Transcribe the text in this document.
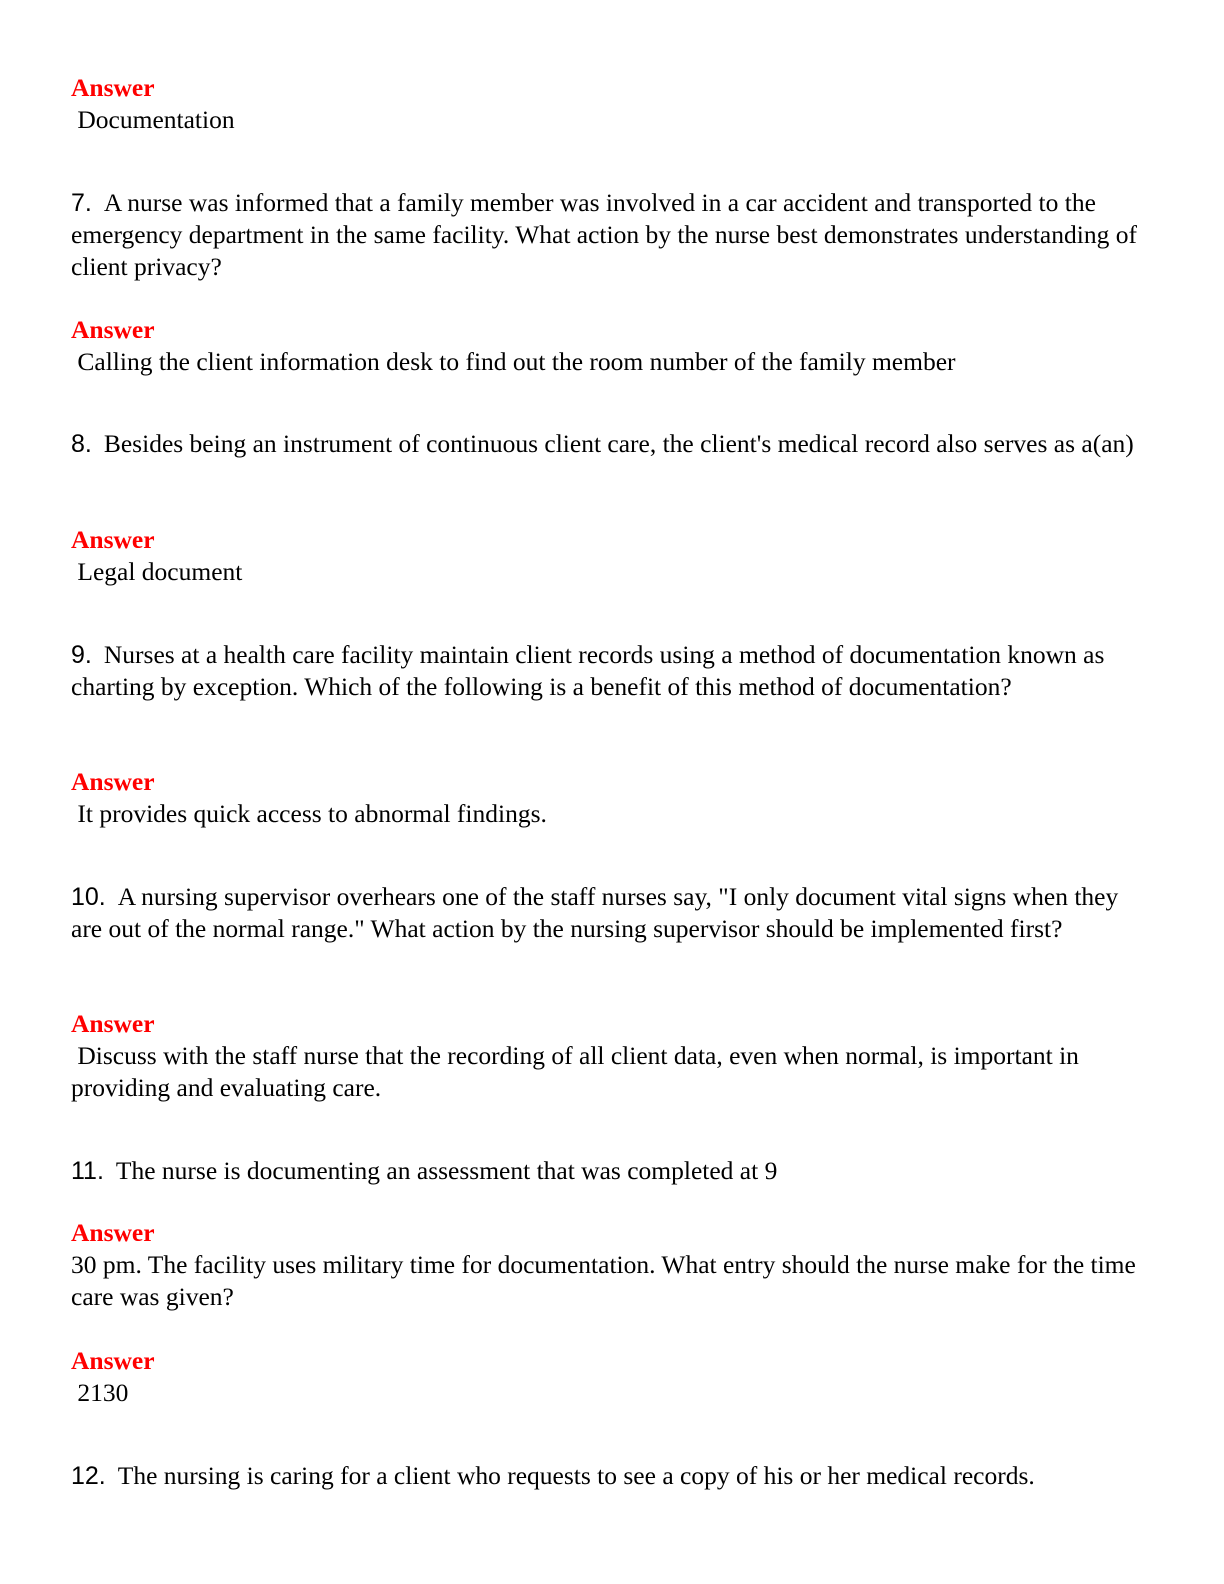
Answer
Documentation
7. A nurse was informed that a family member was involved in a car accident and transported to the emergency department in the same facility. What action by the nurse best demonstrates understanding of client privacy?
Answer
Calling the client information desk to find out the room number of the family member
8. Besides being an instrument of continuous client care, the client's medical record also serves as a(an)
Answer
Legal document
9. Nurses at a health care facility maintain client records using a method of documentation known as charting by exception. Which of the following is a benefit of this method of documentation?
Answer
It provides quick access to abnormal findings.
10. A nursing supervisor overhears one of the staff nurses say, "I only document vital signs when they are out of the normal range." What action by the nursing supervisor should be implemented first?
Answer
Discuss with the staff nurse that the recording of all client data, even when normal, is important in providing and evaluating care.
11. The nurse is documenting an assessment that was completed at 9
Answer
30 pm. The facility uses military time for documentation. What entry should the nurse make for the time care was given?
Answer
2130
12. The nursing is caring for a client who requests to see a copy of his or her medical records.
